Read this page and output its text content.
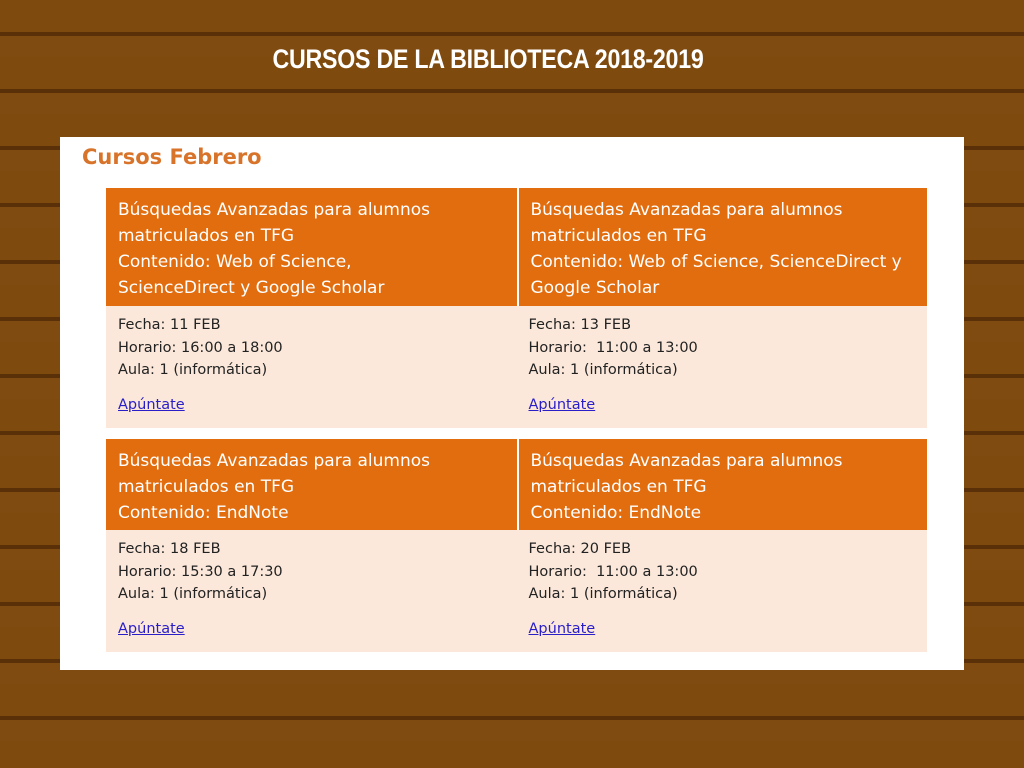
CURSOS DE LA BIBLIOTECA 2018-2019
Cursos Febrero
Búsquedas Avanzadas para alumnos
matriculados en TFG
Contenido: Web of Science,
ScienceDirect y Google Scholar
Fecha: 11 FEB
Horario: 16:00 a 18:00
Aula: 1 (informática)
Apúntate
Búsquedas Avanzadas para alumnos
matriculados en TFG
Contenido: Web of Science, ScienceDirect y
Google Scholar
Fecha: 13 FEB
Horario:  11:00 a 13:00
Aula: 1 (informática)
Apúntate
Búsquedas Avanzadas para alumnos
matriculados en TFG
Contenido: EndNote
Fecha: 18 FEB
Horario: 15:30 a 17:30
Aula: 1 (informática)
Apúntate
Búsquedas Avanzadas para alumnos
matriculados en TFG
Contenido: EndNote
Fecha: 20 FEB
Horario:  11:00 a 13:00
Aula: 1 (informática)
Apúntate
